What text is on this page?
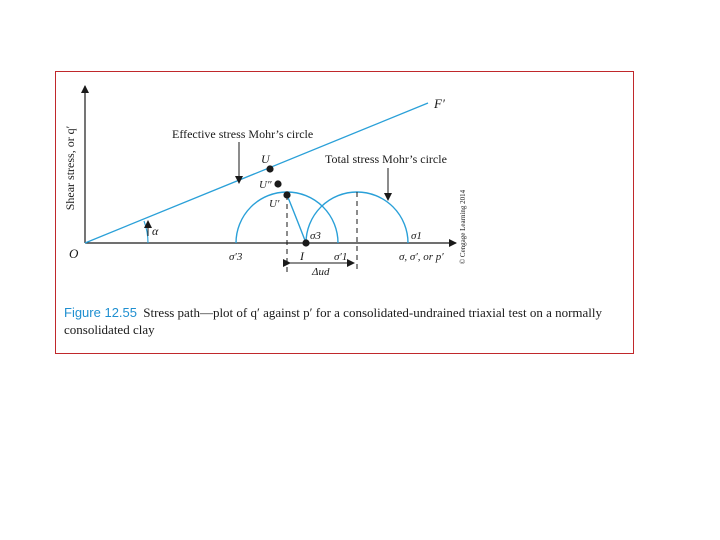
Shear stress, or q′
O
F′
α
Effective stress Mohr’s circle
Total stress Mohr’s circle
U
U″
U′
I
σ′3
σ3
σ′1
σ1
σ, σ′, or p′
Δud
© Cengage Learning 2014
Figure 12.55 Stress path—plot of q′ against p′ for a consolidated-undrained triaxial test on a normally consolidated clay
